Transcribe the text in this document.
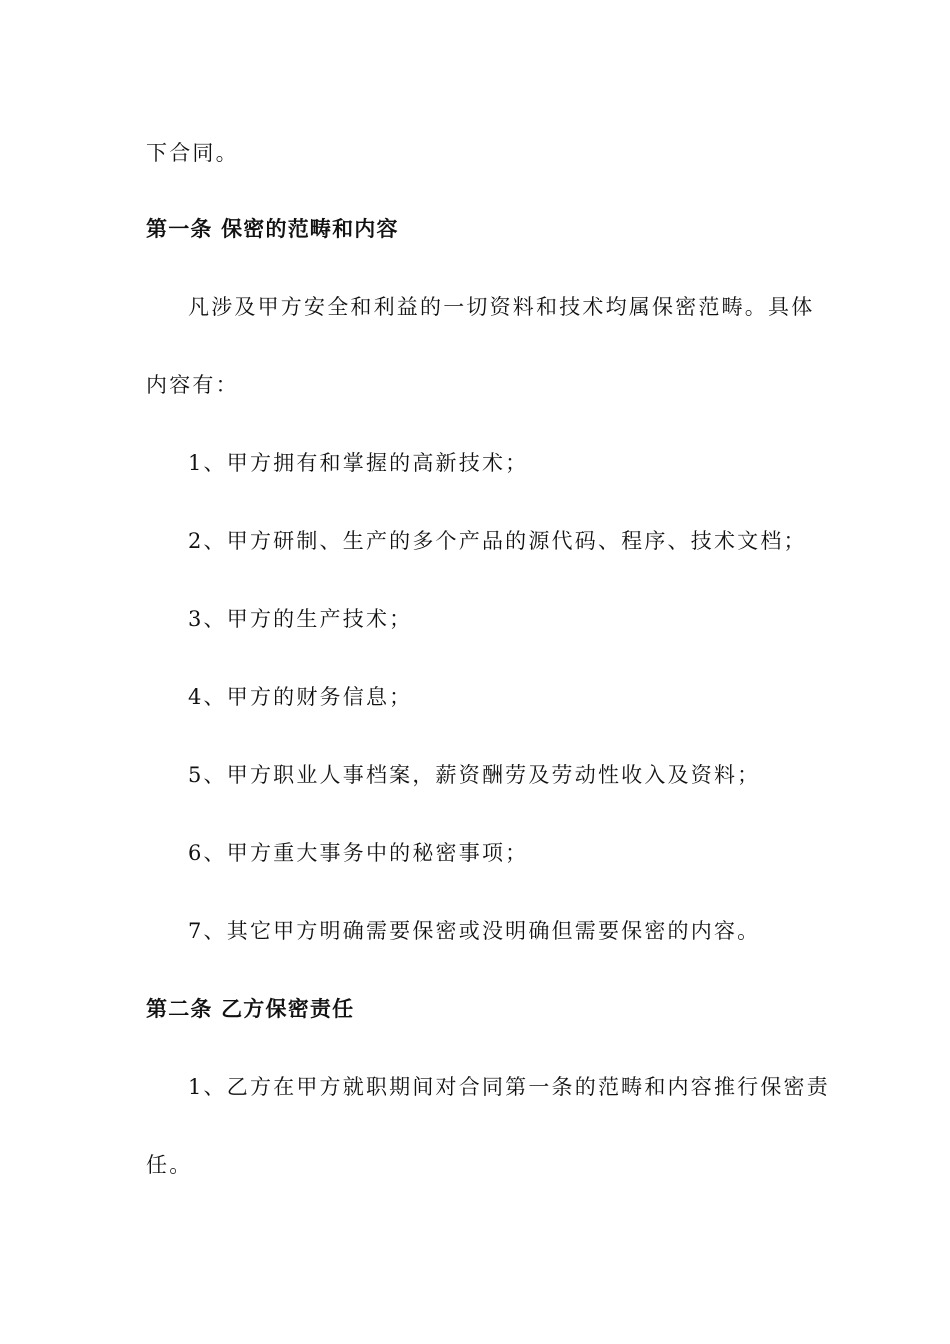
下合同。
第一条 保密的范畴和内容
凡涉及甲方安全和利益的一切资料和技术均属保密范畴。具体
内容有：
1、甲方拥有和掌握的高新技术；
2、甲方研制、生产的多个产品的源代码、程序、技术文档；
3、甲方的生产技术；
4、甲方的财务信息；
5、甲方职业人事档案，薪资酬劳及劳动性收入及资料；
6、甲方重大事务中的秘密事项；
7、其它甲方明确需要保密或没明确但需要保密的内容。
第二条 乙方保密责任
1、乙方在甲方就职期间对合同第一条的范畴和内容推行保密责
任。
